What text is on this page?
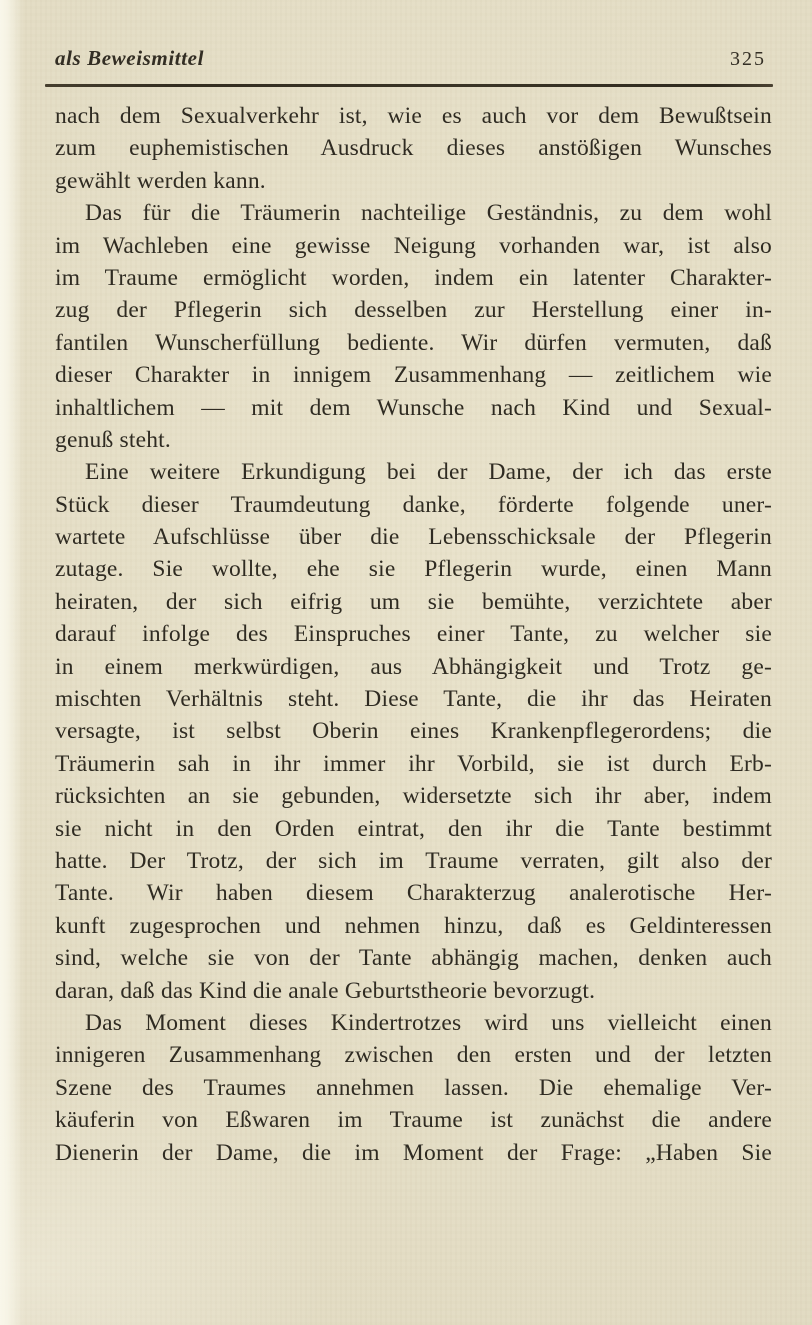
als Beweismittel	325
nach dem Sexualverkehr ist, wie es auch vor dem Bewußtsein
zum euphemistischen Ausdruck dieses anstößigen Wunsches
gewählt werden kann.
Das für die Träumerin nachteilige Geständnis, zu dem wohl
im Wachleben eine gewisse Neigung vorhanden war, ist also
im Traume ermöglicht worden, indem ein latenter Charakter-
zug der Pflegerin sich desselben zur Herstellung einer in-
fantilen Wunscherfüllung bediente. Wir dürfen vermuten, daß
dieser Charakter in innigem Zusammenhang — zeitlichem wie
inhaltlichem — mit dem Wunsche nach Kind und Sexual-
genuß steht.
Eine weitere Erkundigung bei der Dame, der ich das erste
Stück dieser Traumdeutung danke, förderte folgende uner-
wartete Aufschlüsse über die Lebensschicksale der Pflegerin
zutage. Sie wollte, ehe sie Pflegerin wurde, einen Mann
heiraten, der sich eifrig um sie bemühte, verzichtete aber
darauf infolge des Einspruches einer Tante, zu welcher sie
in einem merkwürdigen, aus Abhängigkeit und Trotz ge-
mischten Verhältnis steht. Diese Tante, die ihr das Heiraten
versagte, ist selbst Oberin eines Krankenpflegerordens; die
Träumerin sah in ihr immer ihr Vorbild, sie ist durch Erb-
rücksichten an sie gebunden, widersetzte sich ihr aber, indem
sie nicht in den Orden eintrat, den ihr die Tante bestimmt
hatte. Der Trotz, der sich im Traume verraten, gilt also der
Tante. Wir haben diesem Charakterzug analerotische Her-
kunft zugesprochen und nehmen hinzu, daß es Geldinteressen
sind, welche sie von der Tante abhängig machen, denken auch
daran, daß das Kind die anale Geburtstheorie bevorzugt.
Das Moment dieses Kindertrotzes wird uns vielleicht einen
innigeren Zusammenhang zwischen den ersten und der letzten
Szene des Traumes annehmen lassen. Die ehemalige Ver-
käuferin von Eßwaren im Traume ist zunächst die andere
Dienerin der Dame, die im Moment der Frage: „Haben Sie
